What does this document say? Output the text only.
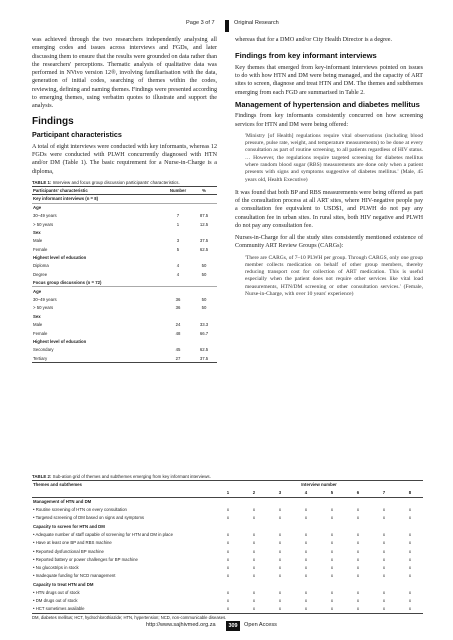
Page 3 of 7	Original Research

was achieved through the two researchers independently analysing all emerging codes and issues across interviews and FGDs, and later discussing them to ensure that the results were grounded on data rather than the researchers' perceptions. Thematic analysis of qualitative data was performed in NVivo version 12®, involving familiarisation with the data, generation of initial codes, searching of themes within the codes, reviewing, defining and naming themes. Findings were presented according to emerging themes, using verbatim quotes to illustrate and support the analysis.

Findings
Participant characteristics

A total of eight interviews were conducted with key informants, whereas 12 FGDs were conducted with PLWH concurrently diagnosed with HTN and/or DM (Table 1). The basic requirement for a Nurse-in-Charge is a diploma,

TABLE 1: Interview and focus group discussion participants' characteristics.
Participants' characteristic	Number	%
Key informant interviews (n = 8)		
Age		
30–49 years	7	87.5
> 50 years	1	12.5
Sex		
Male	3	37.5
Female	5	62.5
Highest level of education		
Diploma	4	50
Degree	4	50
Focus group discussions (n = 72)		
Age		
30–49 years	36	50
> 50 years	36	50
Sex		
Male	24	33.3
Female	48	66.7
Highest level of education		
Secondary	45	62.5
Tertiary	27	37.5

whereas that for a DMO and/or City Health Director is a degree.

Findings from key informant interviews

Key themes that emerged from key-informant interviews pointed on issues to do with how HTN and DM were being managed, and the capacity of ART sites to screen, diagnose and treat HTN and DM. The themes and subthemes emerging from each FGD are summarised in Table 2.

Management of hypertension and diabetes mellitus

Findings from key informants consistently concurred on how screening services for HTN and DM were being offered:

'Ministry [of Health] regulations require vital observations (including blood pressure, pulse rate, weight, and temperature measurements) to be done at every consultation as part of routine screening, to all patients regardless of HIV status. … However, the regulations require targeted screening for diabetes mellitus where random blood sugar (RBS) measurements are done only when a patient presents with signs and symptoms suggestive of diabetes mellitus.' (Male, 45 years old, Health Executive)

It was found that both BP and RBS measurements were being offered as part of the consultation process at all ART sites, where HIV-negative people pay a consultation fee equivalent to USD$1, and PLWH do not pay any consultation fee in urban sites. In rural sites, both HIV negative and PLWH do not pay any consultation fee.

Nurses-in-Charge for all the study sites consistently mentioned existence of Community ART Review Groups (CARGs):

'There are CARGs, of 7–10 PLWH per group. Through CARGS, only one group member collects medication on behalf of other group members, thereby reducing transport cost for collection of ART medication. This is useful especially when the patient does not require other services like vital load measurements, HTN/DM screening or other consultation services.' (Female, Nurse-in-Charge, with over 10 years' experience)

TABLE 2: Sub-ation grid of themes and subthemes emerging from key informant interviews.
Themes and subthemes	Interview number							
	1	2	3	4	5	6	7	8
Management of HTN and DM								
• Routine screening of HTN on every consultation	x	x	x	x	x	x	x	x
• Targeted screening of DM based on signs and symptoms	x	x	x	x	x	x	x	x
Capacity to screen for HTN and DM								
• Adequate number of staff capable of screening for HTN and DM in place	x	x	x	x	x	x	x	x
• Have at least one BP and RBS machine	x	x	x	x	x	x	x	x
• Reported dysfunctional BP machine	x	x	x	x	x	x	x	x
• Reported battery or power challenges for BP machine	x	x	x	x	x	x	x	x
• No glucostrips in stock	x	x	x	x	x	x	x	x
• Inadequate funding for NCD management	x	x	x	x	x	x	x	x
Capacity to treat HTN and DM								
• HTN drugs out of stock	x	x	x	x	x	x	x	x
• DM drugs out of stock	x	x	x	x	x	x	x	x
• HCT sometimes available	x	x	x	x	x	x	x	x
DM, diabetes mellitus; HCT, hydrochlorothiazide; HTN, hypertension; NCD, non-communicable diseases.
http://www.sajhivmed.org.za	309	Open Access
